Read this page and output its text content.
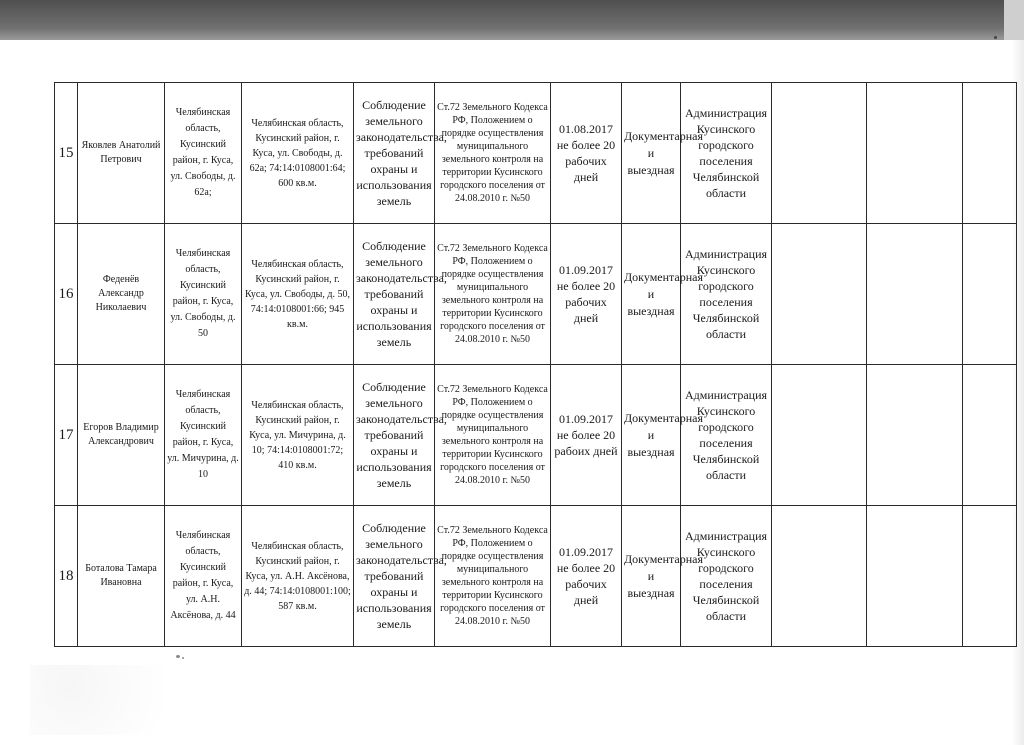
15	Яковлев Анатолий Петрович	Челябинская область, Кусинский район, г. Куса, ул. Свободы, д. 62а;	Челябинская область, Кусинский район, г. Куса, ул. Свободы, д. 62а; 74:14:0108001:64; 600 кв.м.	Соблюдение земельного законодательства, требований охраны и использования земель	Ст.72 Земельного Кодекса РФ, Положением о порядке осуществления муниципального земельного контроля на территории Кусинского городского поселения от 24.08.2010 г. №50	01.08.2017 не более 20 рабочих дней	Документарная и выездная	Администрация Кусинского городского поселения Челябинской области			
16	Феденёв Александр Николаевич	Челябинская область, Кусинский район, г. Куса, ул. Свободы, д. 50	Челябинская область, Кусинский район, г. Куса, ул. Свободы, д. 50, 74:14:0108001:66; 945 кв.м.	Соблюдение земельного законодательства, требований охраны и использования земель	Ст.72 Земельного Кодекса РФ, Положением о порядке осуществления муниципального земельного контроля на территории Кусинского городского поселения от 24.08.2010 г. №50	01.09.2017 не более 20 рабочих дней	Документарная и выездная	Администрация Кусинского городского поселения Челябинской области			
17	Егоров Владимир Александрович	Челябинская область, Кусинский район, г. Куса, ул. Мичурина, д. 10	Челябинская область, Кусинский район, г. Куса, ул. Мичурина, д. 10; 74:14:0108001:72; 410 кв.м.	Соблюдение земельного законодательства, требований охраны и использования земель	Ст.72 Земельного Кодекса РФ, Положением о порядке осуществления муниципального земельного контроля на территории Кусинского городского поселения от 24.08.2010 г. №50	01.09.2017 не более 20 рабоих дней	Документарная и выездная	Администрация Кусинского городского поселения Челябинской области			
18	Боталова Тамара Ивановна	Челябинская область, Кусинский район, г. Куса, ул. А.Н. Аксёнова, д. 44	Челябинская область, Кусинский район, г. Куса, ул. А.Н. Аксёнова, д. 44; 74:14:0108001:100; 587 кв.м.	Соблюдение земельного законодательства, требований охраны и использования земель	Ст.72 Земельного Кодекса РФ, Положением о порядке осуществления муниципального земельного контроля на территории Кусинского городского поселения от 24.08.2010 г. №50	01.09.2017 не более 20 рабочих дней	Документарная и выездная	Администрация Кусинского городского поселения Челябинской области			
